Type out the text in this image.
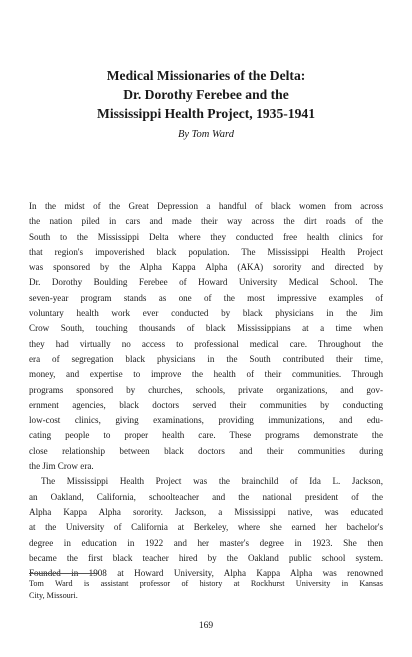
Medical Missionaries of the Delta:
Dr. Dorothy Ferebee and the
Mississippi Health Project, 1935-1941

By Tom Ward

In the midst of the Great Depression a handful of black women from across
the nation piled in cars and made their way across the dirt roads of the
South to the Mississippi Delta where they conducted free health clinics for
that region's impoverished black population. The Mississippi Health Project
was sponsored by the Alpha Kappa Alpha (AKA) sorority and directed by
Dr. Dorothy Boulding Ferebee of Howard University Medical School. The
seven-year program stands as one of the most impressive examples of
voluntary health work ever conducted by black physicians in the Jim
Crow South, touching thousands of black Mississippians at a time when
they had virtually no access to professional medical care. Throughout the
era of segregation black physicians in the South contributed their time,
money, and expertise to improve the health of their communities. Through
programs sponsored by churches, schools, private organizations, and gov-
ernment agencies, black doctors served their communities by conducting
low-cost clinics, giving examinations, providing immunizations, and edu-
cating people to proper health care. These programs demonstrate the
close relationship between black doctors and their communities during
the Jim Crow era.

The Mississippi Health Project was the brainchild of Ida L. Jackson,
an Oakland, California, schoolteacher and the national president of the
Alpha Kappa Alpha sorority. Jackson, a Mississippi native, was educated
at the University of California at Berkeley, where she earned her bachelor's
degree in education in 1922 and her master's degree in 1923. She then
became the first black teacher hired by the Oakland public school system.
Founded in 1908 at Howard University, Alpha Kappa Alpha was renowned

Tom Ward is assistant professor of history at Rockhurst University in Kansas
City, Missouri.

169
